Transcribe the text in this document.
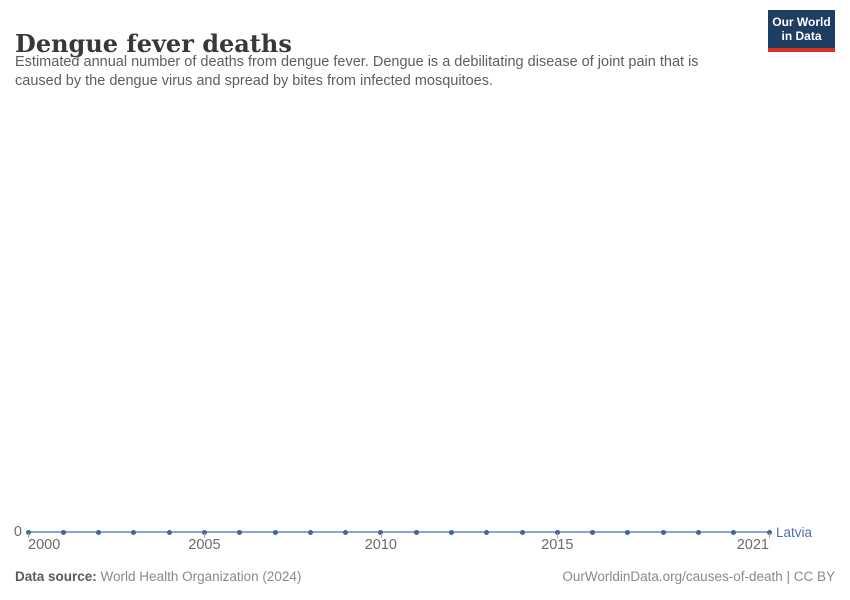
Dengue fever deaths
Estimated annual number of deaths from dengue fever. Dengue is a debilitating disease of joint pain that is
caused by the dengue virus and spread by bites from infected mosquitoes.
Our World
in Data
0	Latvia
2000	2005	2010	2015	2021
Data source: World Health Organization (2024)	OurWorldinData.org/causes-of-death | CC BY
